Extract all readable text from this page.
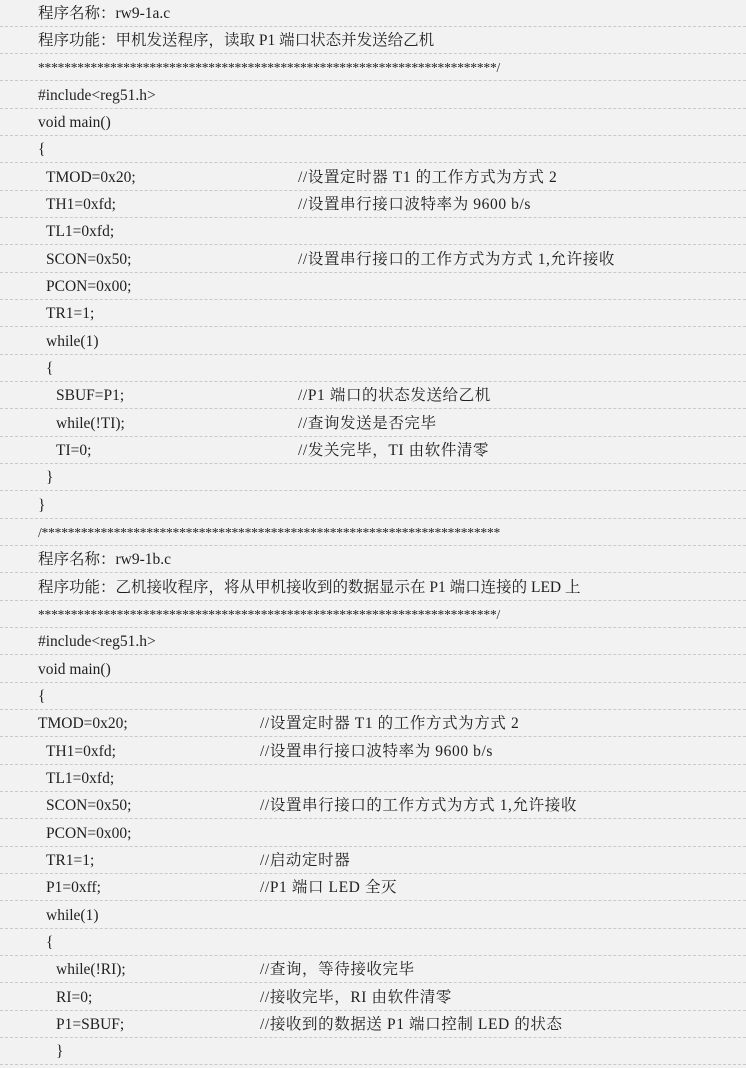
程序名称：rw9-1a.c
程序功能：甲机发送程序，读取 P1 端口状态并发送给乙机
**********************************************************************/
#include<reg51.h>
void main()
{
TMOD=0x20;	//设置定时器 T1 的工作方式为方式 2
TH1=0xfd;	//设置串行接口波特率为 9600 b/s
TL1=0xfd;
SCON=0x50;	//设置串行接口的工作方式为方式 1,允许接收
PCON=0x00;
TR1=1;
while(1)
{
SBUF=P1;	//P1 端口的状态发送给乙机
while(!TI);	//查询发送是否完毕
TI=0;	//发关完毕，TI 由软件清零
}
}
/**********************************************************************
程序名称：rw9-1b.c
程序功能：乙机接收程序，将从甲机接收到的数据显示在 P1 端口连接的 LED 上
**********************************************************************/
#include<reg51.h>
void main()
{
TMOD=0x20;	//设置定时器 T1 的工作方式为方式 2
TH1=0xfd;	//设置串行接口波特率为 9600 b/s
TL1=0xfd;
SCON=0x50;	//设置串行接口的工作方式为方式 1,允许接收
PCON=0x00;
TR1=1;	//启动定时器
P1=0xff;	//P1 端口 LED 全灭
while(1)
{
while(!RI);	//查询，等待接收完毕
RI=0;	//接收完毕，RI 由软件清零
P1=SBUF;	//接收到的数据送 P1 端口控制 LED 的状态
}
